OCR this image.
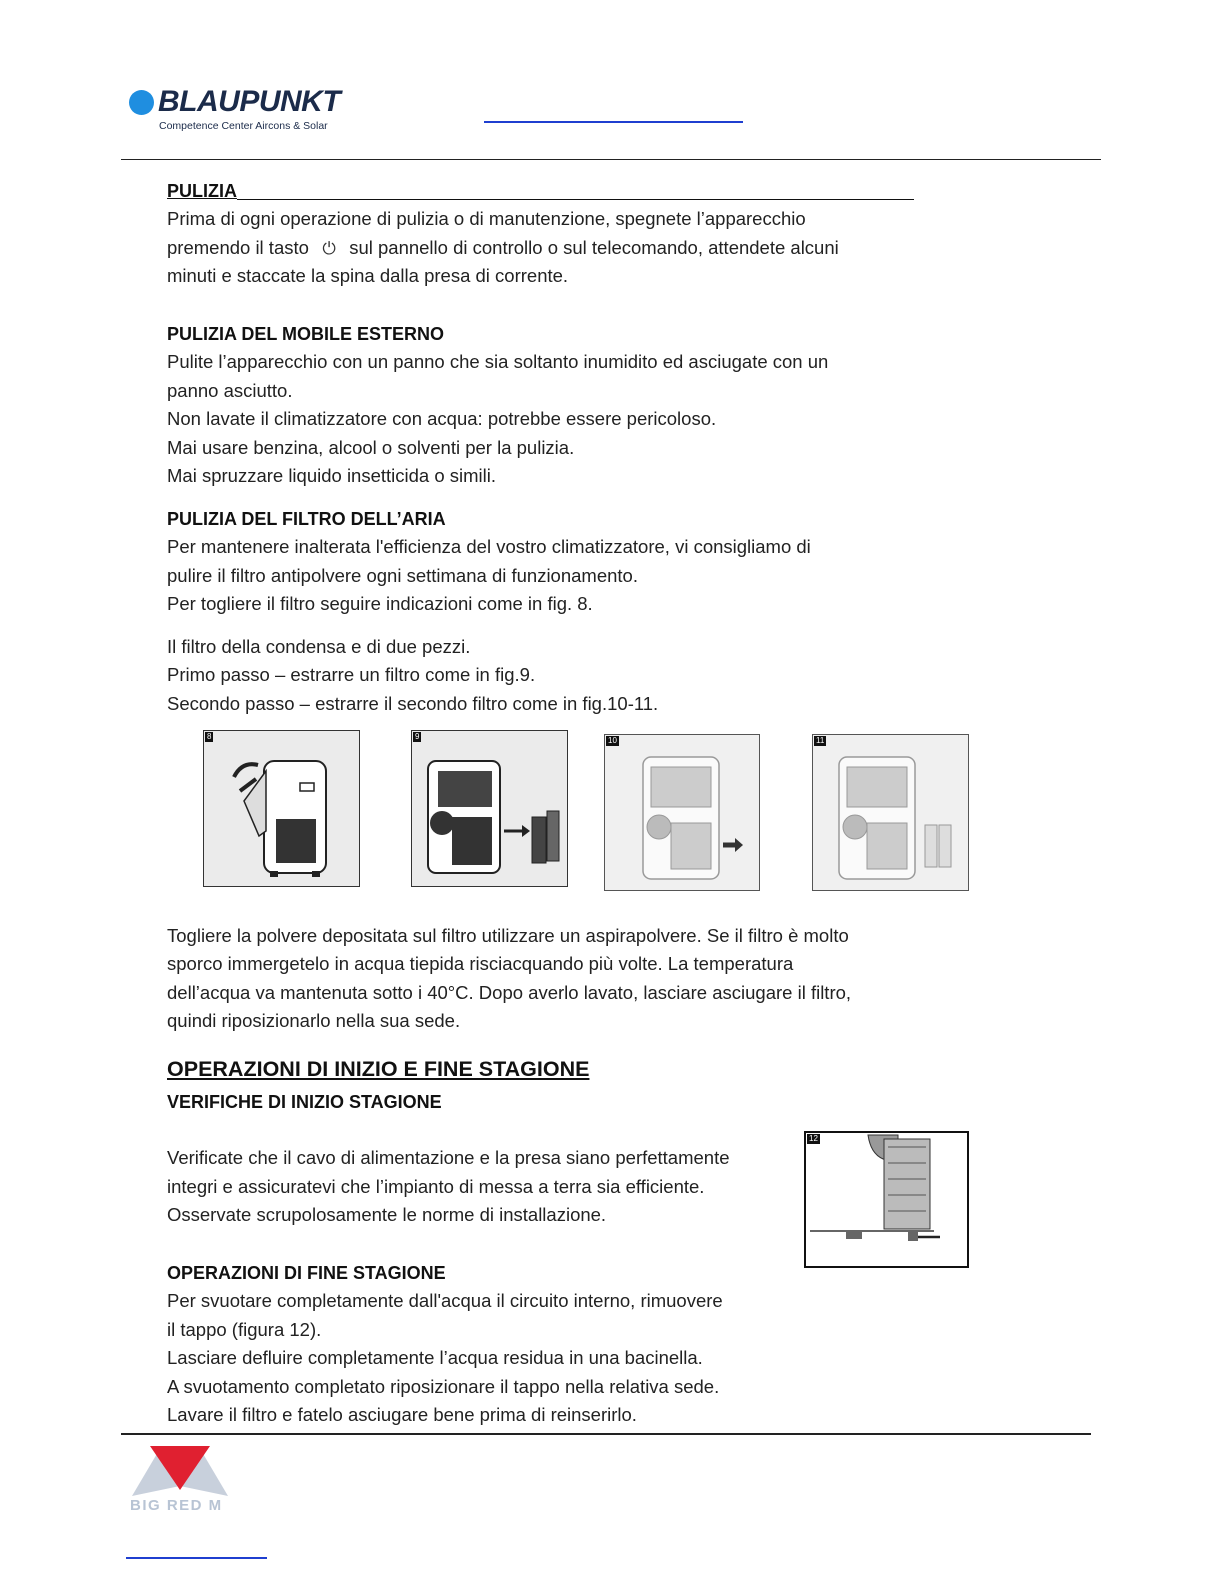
BLAUPUNKT
Competence Center Aircons & Solar
PULIZIA
Prima di ogni operazione di pulizia o di manutenzione, spegnete l’apparecchio
premendo il tasto ⏻ sul pannello di controllo o sul telecomando, attendete alcuni
minuti e staccate la spina dalla presa di corrente.
PULIZIA DEL MOBILE ESTERNO
Pulite l’apparecchio con un panno che sia soltanto inumidito ed asciugate con un
panno asciutto.
Non lavate il climatizzatore con acqua: potrebbe essere pericoloso.
Mai usare benzina, alcool o solventi per la pulizia.
Mai spruzzare liquido insetticida o simili.
PULIZIA DEL FILTRO DELL’ARIA
Per mantenere inalterata l'efficienza del vostro climatizzatore, vi consigliamo di
pulire il filtro antipolvere ogni settimana di funzionamento.
Per togliere il filtro seguire indicazioni come in fig. 8.
Il filtro della condensa e di due pezzi.
Primo passo – estrarre un filtro come in fig.9.
Secondo passo – estrarre il secondo filtro come in fig.10-11.
8	9	10	11
Togliere la polvere depositata sul filtro utilizzare un aspirapolvere. Se il filtro è molto
sporco immergetelo in acqua tiepida risciacquando più volte. La temperatura
dell’acqua va mantenuta sotto i 40°C. Dopo averlo lavato, lasciare asciugare il filtro,
quindi riposizionarlo nella sua sede.
OPERAZIONI DI INIZIO E FINE STAGIONE
VERIFICHE DI INIZIO STAGIONE
Verificate che il cavo di alimentazione e la presa siano perfettamente
integri e assicuratevi che l’impianto di messa a terra sia efficiente.
Osservate scrupolosamente le norme di installazione.
12
OPERAZIONI DI FINE STAGIONE
Per svuotare completamente dall'acqua il circuito interno, rimuovere
il tappo (figura 12).
Lasciare defluire completamente l’acqua residua in una bacinella.
A svuotamento completato riposizionare il tappo nella relativa sede.
Lavare il filtro e fatelo asciugare bene prima di reinserirlo.
BIG RED M
